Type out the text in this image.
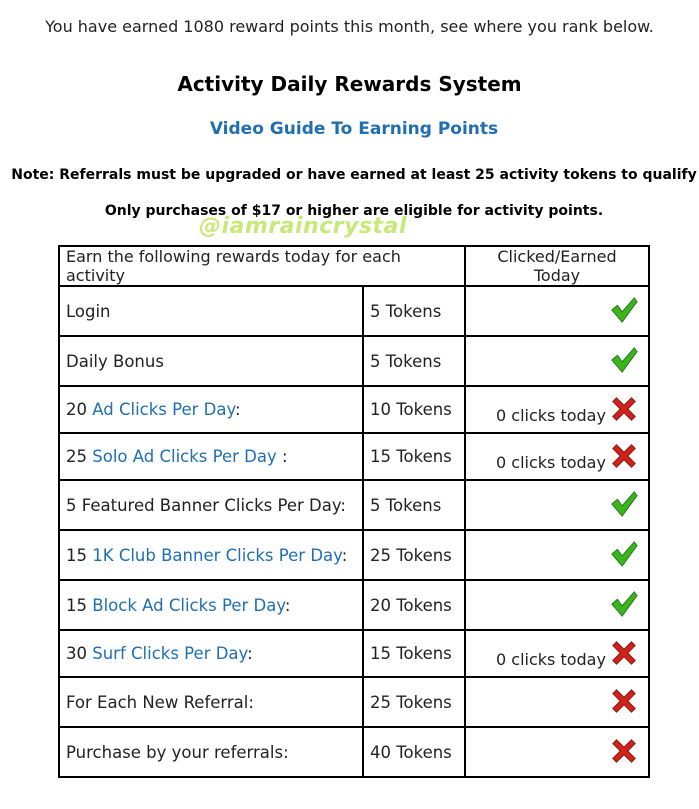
You have earned 1080 reward points this month, see where you rank below.
Activity Daily Rewards System
Video Guide To Earning Points
Note: Referrals must be upgraded or have earned at least 25 activity tokens to qualify
Only purchases of $17 or higher are eligible for activity points.
@iamraincrystal
Earn the following rewards today for each activity		Clicked/Earned Today
Login	5 Tokens	

Daily Bonus	5 Tokens	

20 Ad Clicks Per Day:	10 Tokens	0 clicks today

25 Solo Ad Clicks Per Day :	15 Tokens	0 clicks today

5 Featured Banner Clicks Per Day:	5 Tokens	

15 1K Club Banner Clicks Per Day:	25 Tokens	

15 Block Ad Clicks Per Day:	20 Tokens	

30 Surf Clicks Per Day:	15 Tokens	0 clicks today

For Each New Referral:	25 Tokens	

Purchase by your referrals:	40 Tokens	
